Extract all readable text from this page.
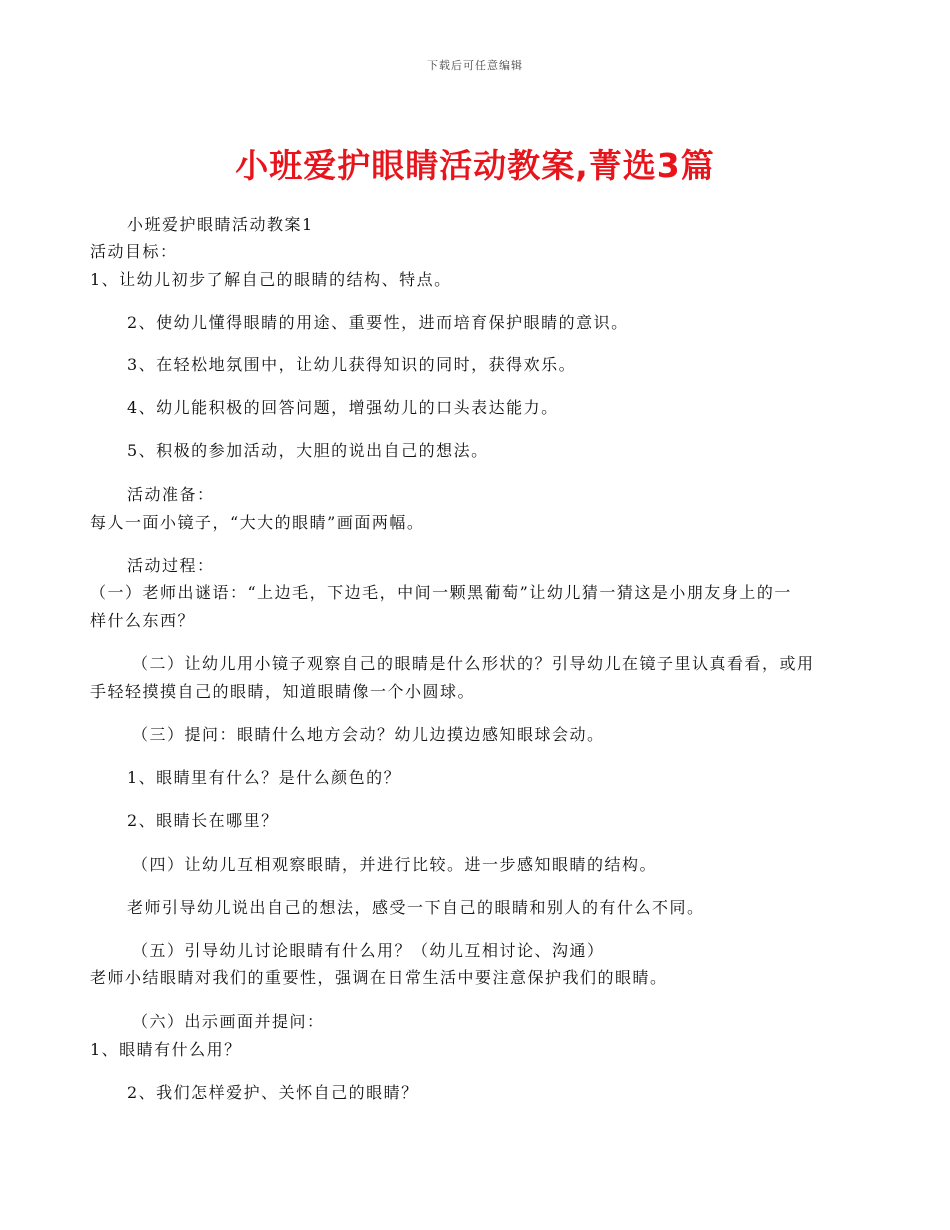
下载后可任意编辑
小班爱护眼睛活动教案,菁选3篇
小班爱护眼睛活动教案1
活动目标：
1、让幼儿初步了解自己的眼睛的结构、特点。
2、使幼儿懂得眼睛的用途、重要性，进而培育保护眼睛的意识。
3、在轻松地氛围中，让幼儿获得知识的同时，获得欢乐。
4、幼儿能积极的回答问题，增强幼儿的口头表达能力。
5、积极的参加活动，大胆的说出自己的想法。
活动准备：
每人一面小镜子，“大大的眼睛”画面两幅。
活动过程：
（一）老师出谜语：“上边毛，下边毛，中间一颗黑葡萄”让幼儿猜一猜这是小朋友身上的一
样什么东西？
（二）让幼儿用小镜子观察自己的眼睛是什么形状的？引导幼儿在镜子里认真看看，或用
手轻轻摸摸自己的眼睛，知道眼睛像一个小圆球。
（三）提问：眼睛什么地方会动？幼儿边摸边感知眼球会动。
1、眼睛里有什么？是什么颜色的？
2、眼睛长在哪里？
（四）让幼儿互相观察眼睛，并进行比较。进一步感知眼睛的结构。
老师引导幼儿说出自己的想法，感受一下自己的眼睛和别人的有什么不同。
（五）引导幼儿讨论眼睛有什么用？（幼儿互相讨论、沟通）
老师小结眼睛对我们的重要性，强调在日常生活中要注意保护我们的眼睛。
（六）出示画面并提问：
1、眼睛有什么用？
2、我们怎样爱护、关怀自己的眼睛？
